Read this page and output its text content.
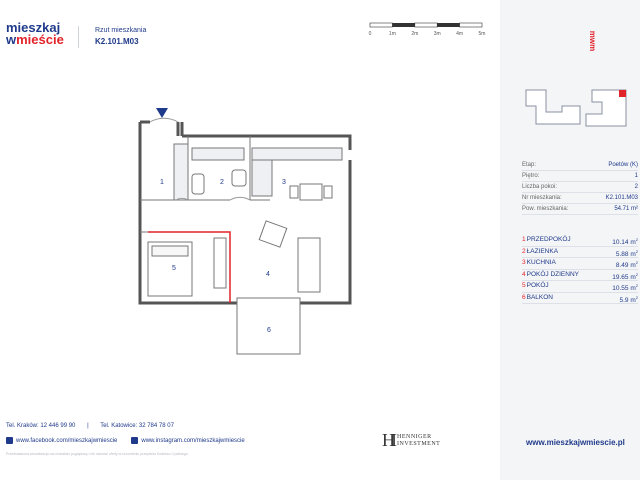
mieszkaj
wmieście
Rzut mieszkania
K2.101.M03
0	1m	2m	3m	4m	5m
1	2	3
4
5
6
Tel. Kraków: 12 446 99 90 | Tel. Katowice: 32 784 78 07
www.facebook.com/mieszkajwmiescie	www.instagram.com/mieszkajwmiescie
Przedstawiona wizualizacja ma charakter poglądowy i nie stanowi oferty w rozumieniu przepisów Kodeksu Cywilnego.
HI HENNIGER
INVESTMENT
mwm
Etap:	Poetów (K)
Piętro:	1
Liczba pokoi:	2
Nr mieszkania:	K2.101.M03
Pow. mieszkania:	54.71 m²
1PRZEDPOKÓJ	10.14 $m^2$
2ŁAZIENKA	5.88 $m^2$
3KUCHNIA	8.49 $m^2$
4POKÓJ DZIENNY	19.65 $m^2$
5POKÓJ	10.55 $m^2$
6BALKON	5.9 $m^2$
www.mieszkajwmiescie.pl
